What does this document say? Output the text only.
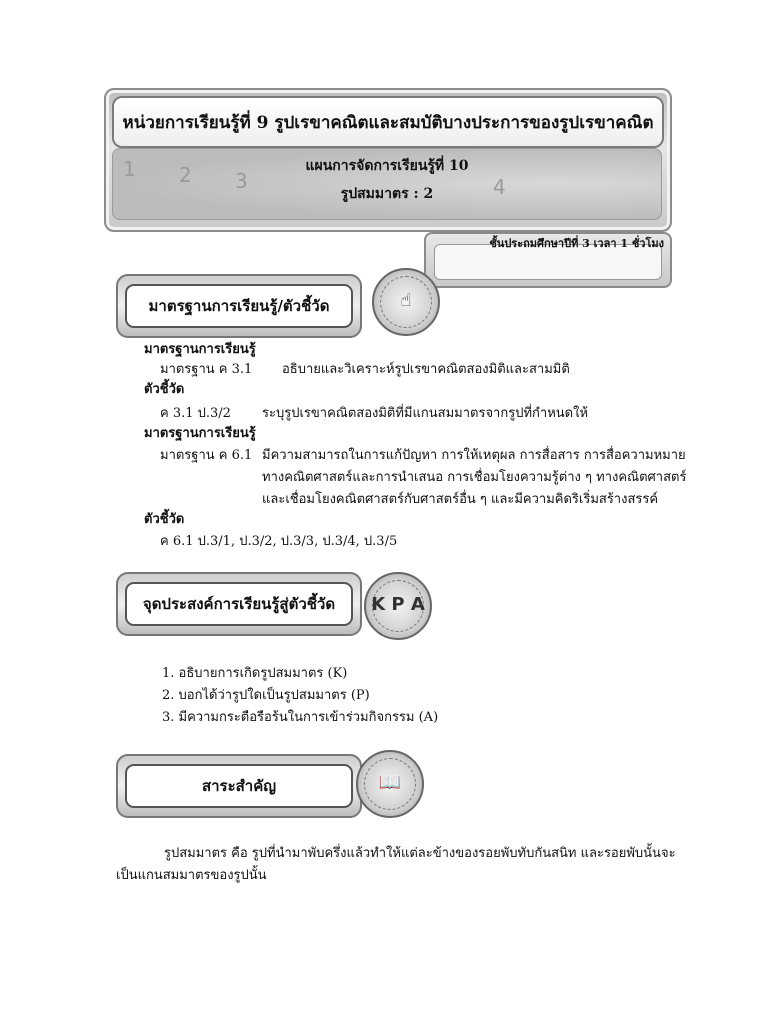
หน่วยการเรียนรู้ที่ 9 รูปเรขาคณิตและสมบัติบางประการของรูปเรขาคณิต
1 2 3	4
แผนการจัดการเรียนรู้ที่ 10
รูปสมมาตร : 2
ชั้นประถมศึกษาปีที่ 3 เวลา 1 ชั่วโมง
มาตรฐานการเรียนรู้/ตัวชี้วัด	☝
มาตรฐานการเรียนรู้
มาตรฐาน ค 3.1 อธิบายและวิเคราะห์รูปเรขาคณิตสองมิติและสามมิติ
ตัวชี้วัด
ค 3.1 ป.3/2 ระบุรูปเรขาคณิตสองมิติที่มีแกนสมมาตรจากรูปที่กำหนดให้
มาตรฐานการเรียนรู้
มาตรฐาน ค 6.1 มีความสามารถในการแก้ปัญหา การให้เหตุผล การสื่อสาร การสื่อความหมาย
ทางคณิตศาสตร์และการนำเสนอ การเชื่อมโยงความรู้ต่าง ๆ ทางคณิตศาสตร์
และเชื่อมโยงคณิตศาสตร์กับศาสตร์อื่น ๆ และมีความคิดริเริ่มสร้างสรรค์
ตัวชี้วัด
ค 6.1 ป.3/1, ป.3/2, ป.3/3, ป.3/4, ป.3/5
จุดประสงค์การเรียนรู้สู่ตัวชี้วัด	K P A
1. อธิบายการเกิดรูปสมมาตร (K)
2. บอกได้ว่ารูปใดเป็นรูปสมมาตร (P)
3. มีความกระตือรือร้นในการเข้าร่วมกิจกรรม (A)
สาระสำคัญ	📖
รูปสมมาตร คือ รูปที่นำมาพับครึ่งแล้วทำให้แต่ละข้างของรอยพับทับกันสนิท และรอยพับนั้นจะ
เป็นแกนสมมาตรของรูปนั้น
